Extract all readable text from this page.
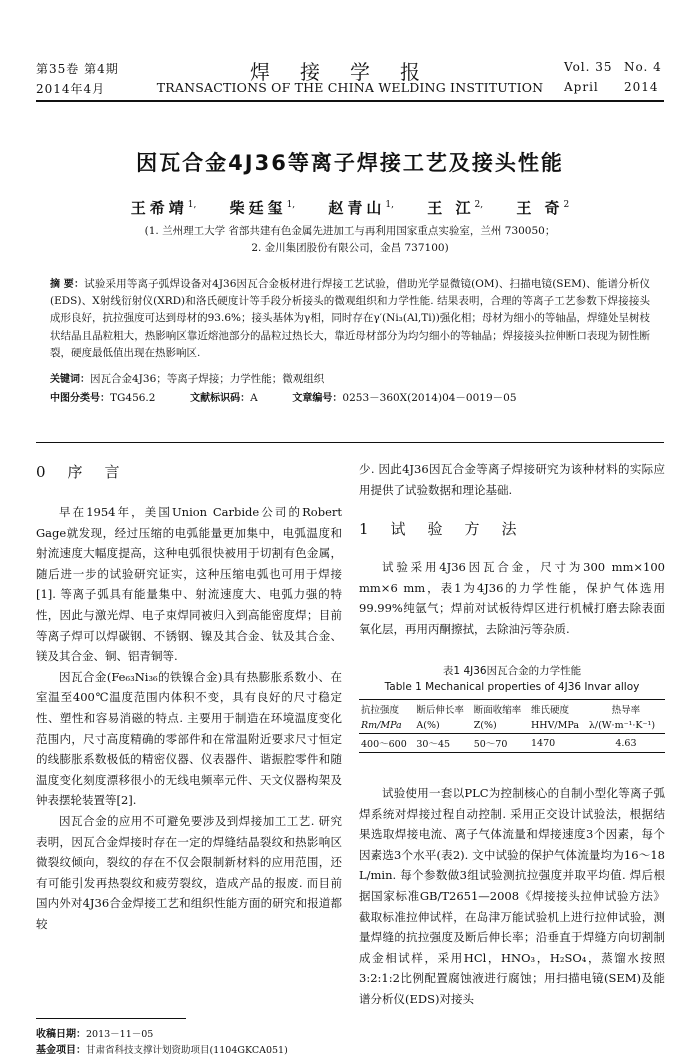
第35卷 第4期
2014年4月
焊接学报
TRANSACTIONS OF THE CHINA WELDING INSTITUTION
Vol. 35 No. 4
April 2014
因瓦合金4J36等离子焊接工艺及接头性能
王希靖$^{1,}$ 柴廷玺$^{1,}$ 赵青山$^{1,}$ 王 江$^{2,}$ 王 奇$^2$
(1. 兰州理工大学 省部共建有色金属先进加工与再利用国家重点实验室，兰州 730050；
2. 金川集团股份有限公司，金昌 737100)
摘 要：试验采用等离子弧焊设备对4J36因瓦合金板材进行焊接工艺试验，借助光学显微镜(OM)、扫描电镜(SEM)、能谱分析仪(EDS)、X射线衍射仪(XRD)和洛氏硬度计等手段分析接头的微观组织和力学性能. 结果表明，合理的等离子工艺参数下焊接接头成形良好，抗拉强度可达到母材的93.6%；接头基体为γ相，同时存在γ′(Ni₃(Al,Ti))强化相；母材为细小的等轴晶，焊缝处呈树枝状结晶且晶粒粗大，热影响区靠近熔池部分的晶粒过热长大，靠近母材部分为均匀细小的等轴晶；焊接接头拉伸断口表现为韧性断裂，硬度最低值出现在热影响区.
关键词：因瓦合金4J36；等离子焊接；力学性能；微观组织
中图分类号：TG456.2	文献标识码：A	文章编号：0253－360X(2014)04－0019－05
0 序言

早在1954年，美国Union Carbide公司的Robert Gage就发现，经过压缩的电弧能量更加集中，电弧温度和射流速度大幅度提高，这种电弧很快被用于切割有色金属，随后进一步的试验研究证实，这种压缩电弧也可用于焊接[1]. 等离子弧具有能量集中、射流速度大、电弧力强的特性，因此与激光焊、电子束焊同被归入到高能密度焊；目前等离子焊可以焊碳钢、不锈钢、镍及其合金、钛及其合金、镁及其合金、铜、铝青铜等.

因瓦合金(Fe₆₃Ni₃₆的铁镍合金)具有热膨胀系数小、在室温至400℃温度范围内体积不变，具有良好的尺寸稳定性、塑性和容易消磁的特点. 主要用于制造在环境温度变化范围内，尺寸高度精确的零部件和在常温附近要求尺寸恒定的线膨胀系数极低的精密仪器、仪表器件、谐振腔零件和随温度变化刻度漂移很小的无线电频率元件、天文仪器构架及钟表摆轮装置等[2].

因瓦合金的应用不可避免要涉及到焊接加工工艺. 研究表明，因瓦合金焊接时存在一定的焊缝结晶裂纹和热影响区微裂纹倾向，裂纹的存在不仅会限制新材料的应用范围，还有可能引发再热裂纹和疲劳裂纹，造成产品的报废. 而目前国内外对4J36合金焊接工艺和组织性能方面的研究和报道都较

少. 因此4J36因瓦合金等离子焊接研究为该种材料的实际应用提供了试验数据和理论基础.

1 试验方法

试验采用4J36因瓦合金，尺寸为300 mm×100 mm×6 mm，表1为4J36的力学性能，保护气体选用99.99%纯氩气；焊前对试板待焊区进行机械打磨去除表面氧化层，再用丙酮擦拭，去除油污等杂质.

表1 4J36因瓦合金的力学性能
Table 1 Mechanical properties of 4J36 Invar alloy
抗拉强度	断后伸长率	断面收缩率	维氏硬度	热导率
Rm/MPa	A(%)	Z(%)	HHV/MPa	λ/(W·m⁻¹·K⁻¹)
400～600	30～45	50～70	1470	4.63

试验使用一套以PLC为控制核心的自制小型化等离子弧焊系统对焊接过程自动控制. 采用正交设计试验法，根据结果选取焊接电流、离子气体流量和焊接速度3个因素，每个因素选3个水平(表2). 文中试验的保护气体流量均为16～18 L/min. 每个参数做3组试验测抗拉强度并取平均值. 焊后根据国家标准GB/T2651—2008《焊接接头拉伸试验方法》截取标准拉伸试样，在岛津万能试验机上进行拉伸试验，测量焊缝的抗拉强度及断后伸长率；沿垂直于焊缝方向切割制成金相试样，采用HCl，HNO₃，H₂SO₄，蒸馏水按照3:2:1:2比例配置腐蚀液进行腐蚀；用扫描电镜(SEM)及能谱分析仪(EDS)对接头

收稿日期：2013－11－05
基金项目：甘肃省科技支撑计划资助项目(1104GKCA051)
